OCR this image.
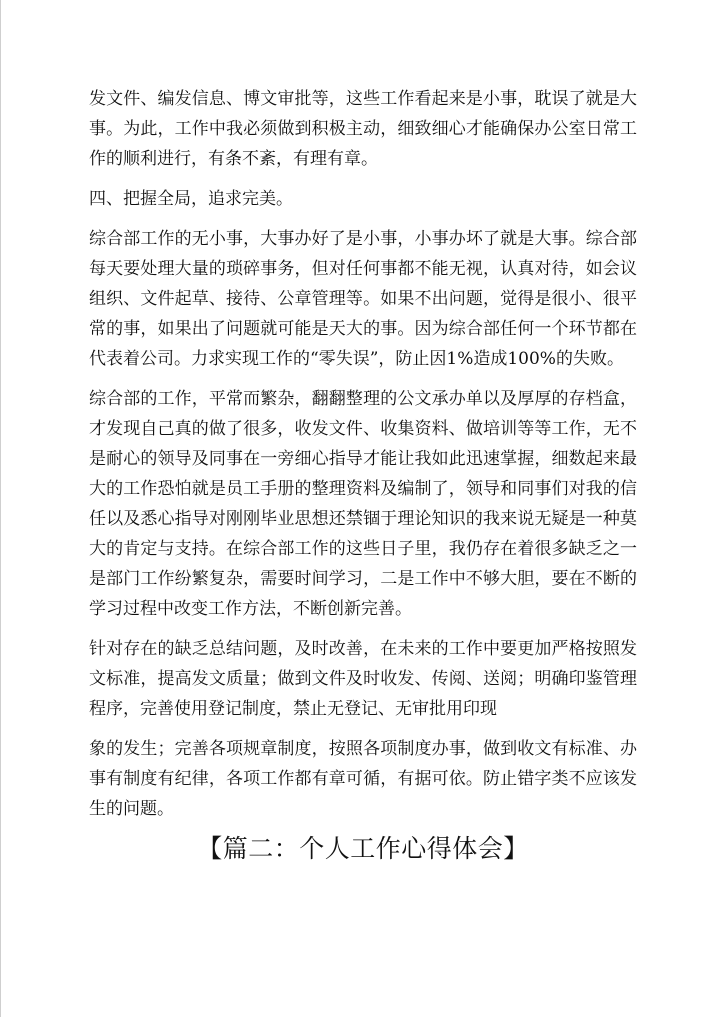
发文件、编发信息、博文审批等，这些工作看起来是小事，耽误了就是大事。为此，工作中我必须做到积极主动，细致细心才能确保办公室日常工作的顺利进行，有条不紊，有理有章。

四、把握全局，追求完美。

综合部工作的无小事，大事办好了是小事，小事办坏了就是大事。综合部每天要处理大量的琐碎事务，但对任何事都不能无视，认真对待，如会议组织、文件起草、接待、公章管理等。如果不出问题，觉得是很小、很平常的事，如果出了问题就可能是天大的事。因为综合部任何一个环节都在代表着公司。力求实现工作的“零失误”，防止因1%造成100%的失败。

综合部的工作，平常而繁杂，翻翻整理的公文承办单以及厚厚的存档盒，才发现自己真的做了很多，收发文件、收集资料、做培训等等工作，无不是耐心的领导及同事在一旁细心指导才能让我如此迅速掌握，细数起来最大的工作恐怕就是员工手册的整理资料及编制了，领导和同事们对我的信任以及悉心指导对刚刚毕业思想还禁锢于理论知识的我来说无疑是一种莫大的肯定与支持。在综合部工作的这些日子里，我仍存在着很多缺乏之一是部门工作纷繁复杂，需要时间学习，二是工作中不够大胆，要在不断的学习过程中改变工作方法，不断创新完善。

针对存在的缺乏总结问题，及时改善，在未来的工作中要更加严格按照发文标准，提高发文质量；做到文件及时收发、传阅、送阅；明确印鉴管理程序，完善使用登记制度，禁止无登记、无审批用印现

象的发生；完善各项规章制度，按照各项制度办事，做到收文有标准、办事有制度有纪律，各项工作都有章可循，有据可依。防止错字类不应该发生的问题。

【篇二：个人工作心得体会】
